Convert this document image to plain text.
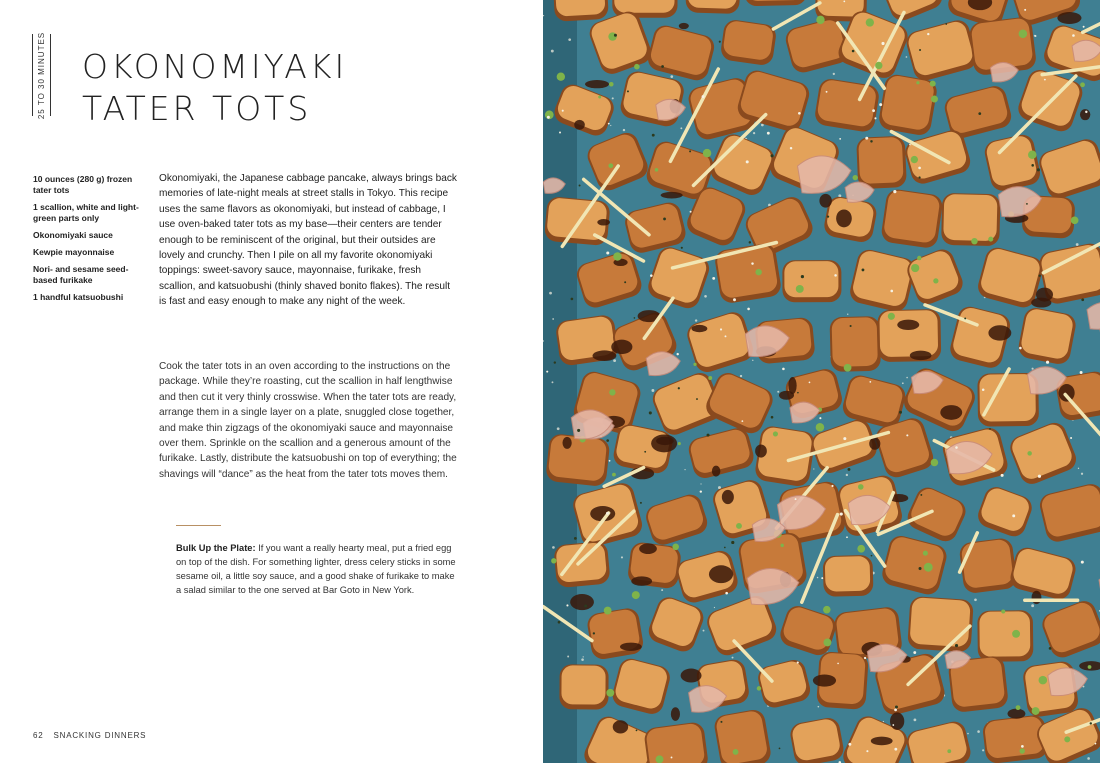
25 TO 30 MINUTES OKONOMIYAKI
TATER TOTS
10 ounces (280 g) frozen tater tots
1 scallion, white and light-green parts only
Okonomiyaki sauce
Kewpie mayonnaise
Nori- and sesame seed-based furikake
1 handful katsuobushi

Okonomiyaki, the Japanese cabbage pancake, always brings back memories of late-night meals at street stalls in Tokyo. This recipe uses the same flavors as okonomiyaki, but instead of cabbage, I use oven-baked tater tots as my base—their centers are tender enough to be reminiscent of the original, but their outsides are lovely and crunchy. Then I pile on all my favorite okonomiyaki toppings: sweet-savory sauce, mayonnaise, furikake, fresh scallion, and katsuobushi (thinly shaved bonito flakes). The result is fast and easy enough to make any night of the week.

Cook the tater tots in an oven according to the instructions on the package. While they’re roasting, cut the scallion in half lengthwise and then cut it very thinly crosswise. When the tater tots are ready, arrange them in a single layer on a plate, snuggled close together, and make thin zigzags of the okonomiyaki sauce and mayonnaise over them. Sprinkle on the scallion and a generous amount of the furikake. Lastly, distribute the katsuobushi on top of everything; the shavings will “dance” as the heat from the tater tots moves them.

Bulk Up the Plate: If you want a really hearty meal, put a fried egg on top of the dish. For something lighter, dress celery sticks in some sesame oil, a little soy sauce, and a good shake of furikake to make a salad similar to the one served at Bar Goto in New York.

62 SNACKING DINNERS
